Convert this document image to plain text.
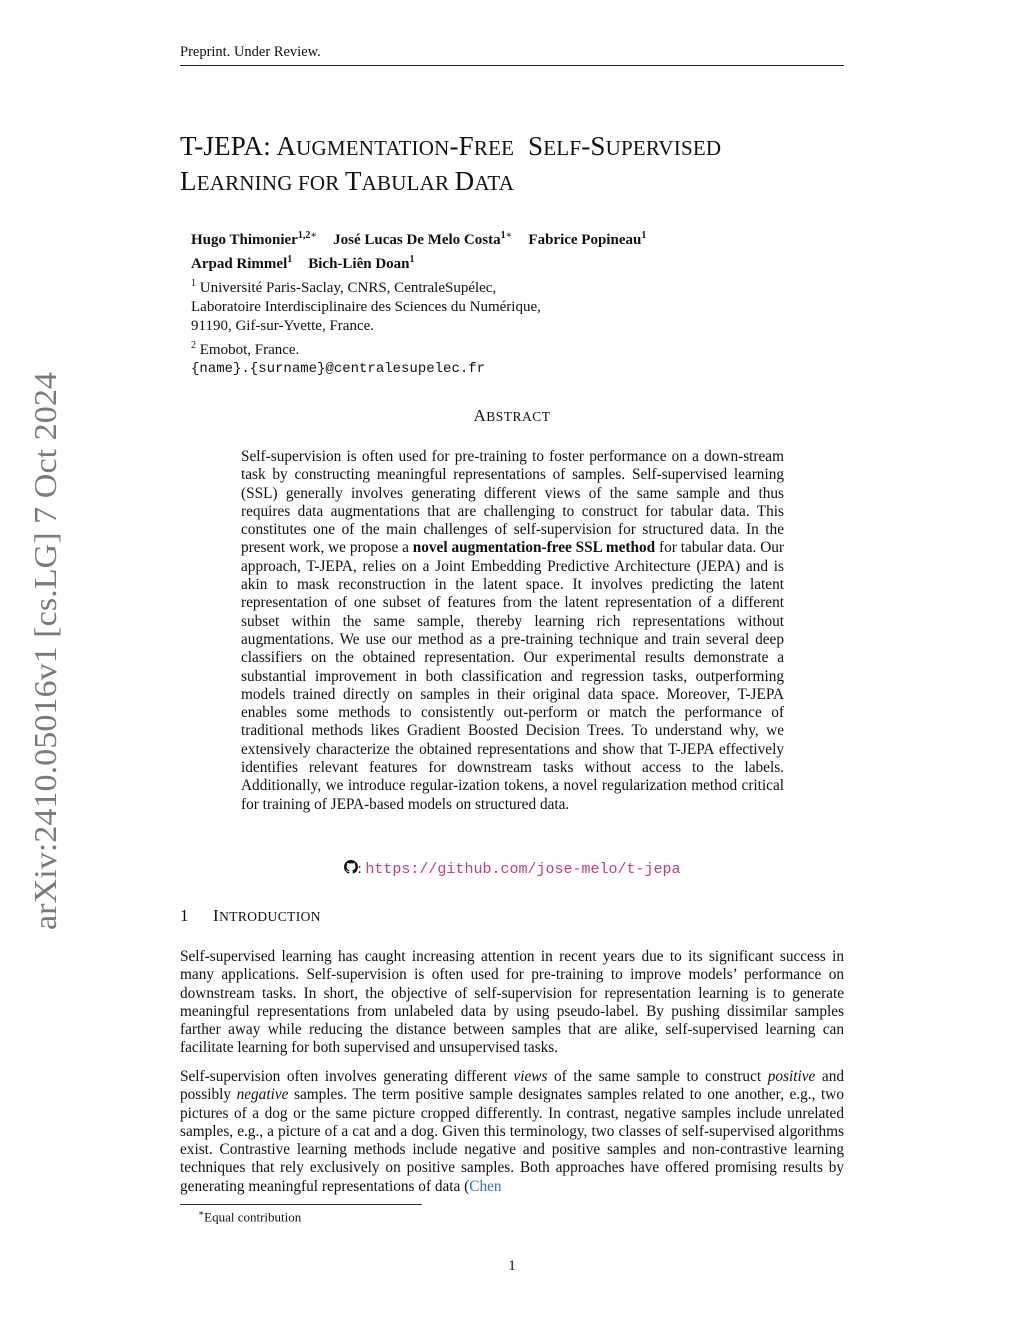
Preprint. Under Review.
T-JEPA: AUGMENTATION-FREE SELF-SUPERVISED
LEARNING FOR TABULAR DATA
Hugo Thimonier$^{1,2∗}$ José Lucas De Melo Costa$^{1∗}$ Fabrice Popineau$^1$
Arpad Rimmel$^1$ Bich-Liên Doan$^1$
$^1$ Université Paris-Saclay, CNRS, CentraleSupélec,
Laboratoire Interdisciplinaire des Sciences du Numérique,
91190, Gif-sur-Yvette, France.
$^2$ Emobot, France.
{name}.{surname}@centralesupelec.fr
arXiv:2410.05016v1 [cs.LG] 7 Oct 2024	ABSTRACT
Self-supervision is often used for pre-training to foster performance on a down-stream task by constructing meaningful representations of samples. Self-supervised learning (SSL) generally involves generating different views of the same sample and thus requires data augmentations that are challenging to construct for tabular data. This constitutes one of the main challenges of self-supervision for structured data. In the present work, we propose a novel augmentation-free SSL method for tabular data. Our approach, T-JEPA, relies on a Joint Embedding Predictive Architecture (JEPA) and is akin to mask reconstruction in the latent space. It involves predicting the latent representation of one subset of features from the latent representation of a different subset within the same sample, thereby learning rich representations without augmentations. We use our method as a pre-training technique and train several deep classifiers on the obtained representation. Our experimental results demonstrate a substantial improvement in both classification and regression tasks, outperforming models trained directly on samples in their original data space. Moreover, T-JEPA enables some methods to consistently out-perform or match the performance of traditional methods likes Gradient Boosted Decision Trees. To understand why, we extensively characterize the obtained representations and show that T-JEPA effectively identifies relevant features for downstream tasks without access to the labels. Additionally, we introduce regular-ization tokens, a novel regularization method critical for training of JEPA-based models on structured data.
: https://github.com/jose-melo/t-jepa
1 INTRODUCTION
Self-supervised learning has caught increasing attention in recent years due to its significant success in many applications. Self-supervision is often used for pre-training to improve models’ performance on downstream tasks. In short, the objective of self-supervision for representation learning is to generate meaningful representations from unlabeled data by using pseudo-label. By pushing dissimilar samples farther away while reducing the distance between samples that are alike, self-supervised learning can facilitate learning for both supervised and unsupervised tasks.
Self-supervision often involves generating different views of the same sample to construct positive and possibly negative samples. The term positive sample designates samples related to one another, e.g., two pictures of a dog or the same picture cropped differently. In contrast, negative samples include unrelated samples, e.g., a picture of a cat and a dog. Given this terminology, two classes of self-supervised algorithms exist. Contrastive learning methods include negative and positive samples and non-contrastive learning techniques that rely exclusively on positive samples. Both approaches have offered promising results by generating meaningful representations of data (Chen
∗Equal contribution
1
